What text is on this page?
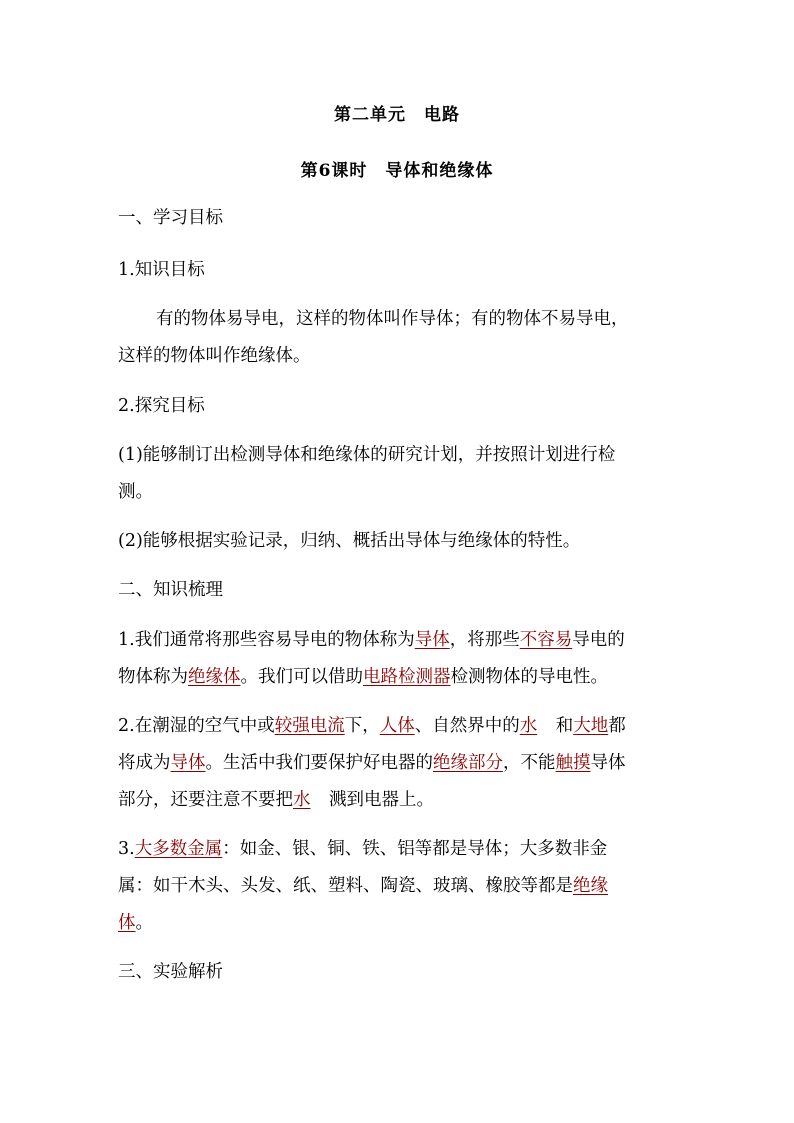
第二单元　电路
第6课时　导体和绝缘体
一、学习目标
1.知识目标
有的物体易导电，这样的物体叫作导体；有的物体不易导电，
这样的物体叫作绝缘体。
2.探究目标
(1)能够制订出检测导体和绝缘体的研究计划，并按照计划进行检
测。
(2)能够根据实验记录，归纳、概括出导体与绝缘体的特性。
二、知识梳理
1.我们通常将那些容易导电的物体称为导体，将那些不容易导电的
物体称为绝缘体。我们可以借助电路检测器检测物体的导电性。
2.在潮湿的空气中或较强电流下，人体、自然界中的水 和大地都
将成为导体。生活中我们要保护好电器的绝缘部分，不能触摸导体
部分，还要注意不要把水 溅到电器上。
3.大多数金属：如金、银、铜、铁、铝等都是导体；大多数非金
属：如干木头、头发、纸、塑料、陶瓷、玻璃、橡胶等都是绝缘
体。
三、实验解析
